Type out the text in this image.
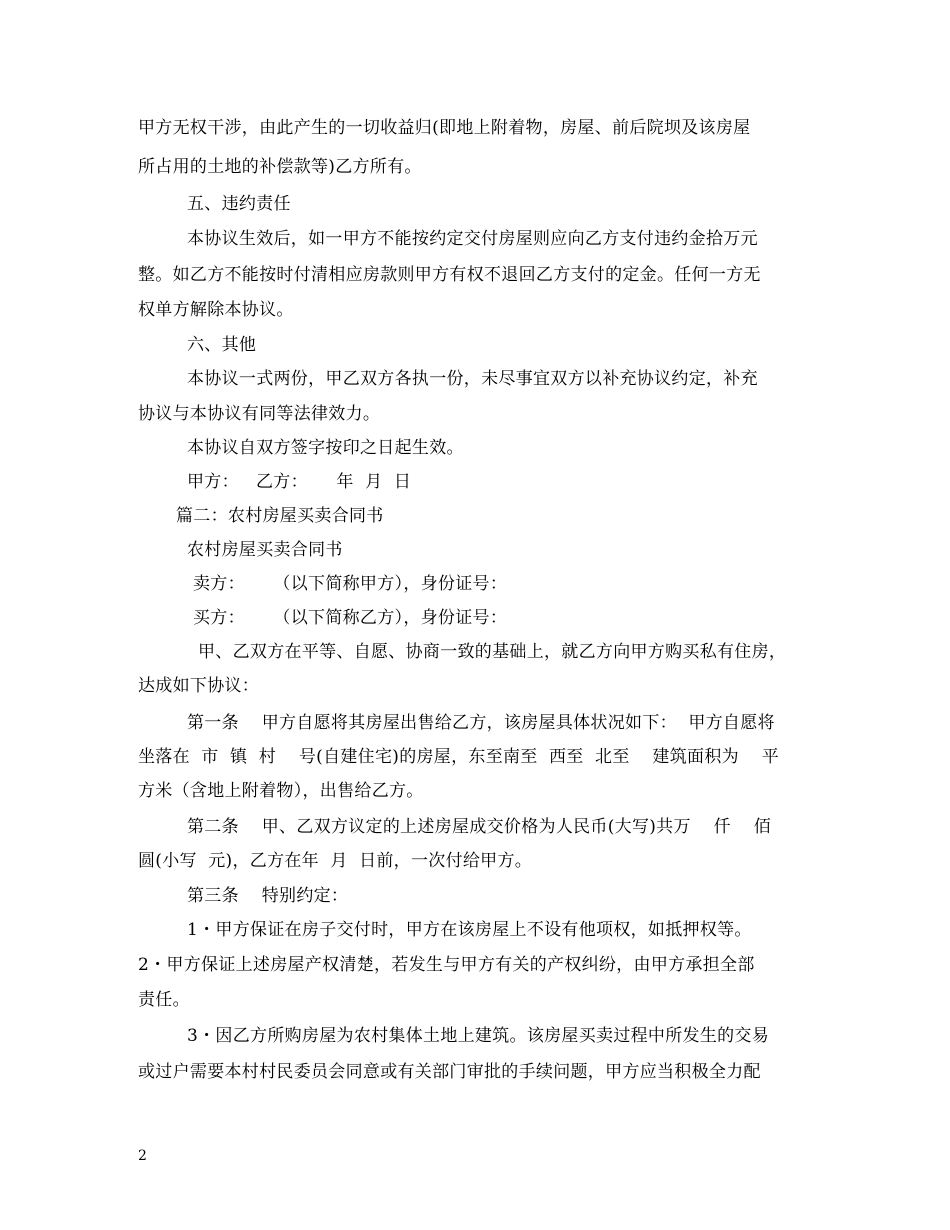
甲方无权干涉，由此产生的一切收益归(即地上附着物，房屋、前后院坝及该房屋
所占用的土地的补偿款等)乙方所有。
五、违约责任
本协议生效后，如一甲方不能按约定交付房屋则应向乙方支付违约金拾万元
整。如乙方不能按时付清相应房款则甲方有权不退回乙方支付的定金。任何一方无
权单方解除本协议。
六、其他
本协议一式两份，甲乙双方各执一份，未尽事宜双方以补充协议约定，补充
协议与本协议有同等法律效力。
本协议自双方签字按印之日起生效。
甲方：   乙方：     年  月  日
篇二：农村房屋买卖合同书
农村房屋买卖合同书
卖方：     （以下简称甲方），身份证号：
买方：     （以下简称乙方），身份证号：
甲、乙双方在平等、自愿、协商一致的基础上，就乙方向甲方购买私有住房，
达成如下协议：
第一条    甲方自愿将其房屋出售给乙方，该房屋具体状况如下：  甲方自愿将
坐落在  市  镇  村    号(自建住宅)的房屋，东至南至  西至  北至    建筑面积为    平
方米（含地上附着物），出售给乙方。
第二条    甲、乙双方议定的上述房屋成交价格为人民币(大写)共万    仟    佰
圆(小写  元)，乙方在年  月  日前，一次付给甲方。
第三条    特别约定：
1・甲方保证在房子交付时，甲方在该房屋上不设有他项权，如抵押权等。
2・甲方保证上述房屋产权清楚，若发生与甲方有关的产权纠纷，由甲方承担全部
责任。
3・因乙方所购房屋为农村集体土地上建筑。该房屋买卖过程中所发生的交易
或过户需要本村村民委员会同意或有关部门审批的手续问题，甲方应当积极全力配
2
